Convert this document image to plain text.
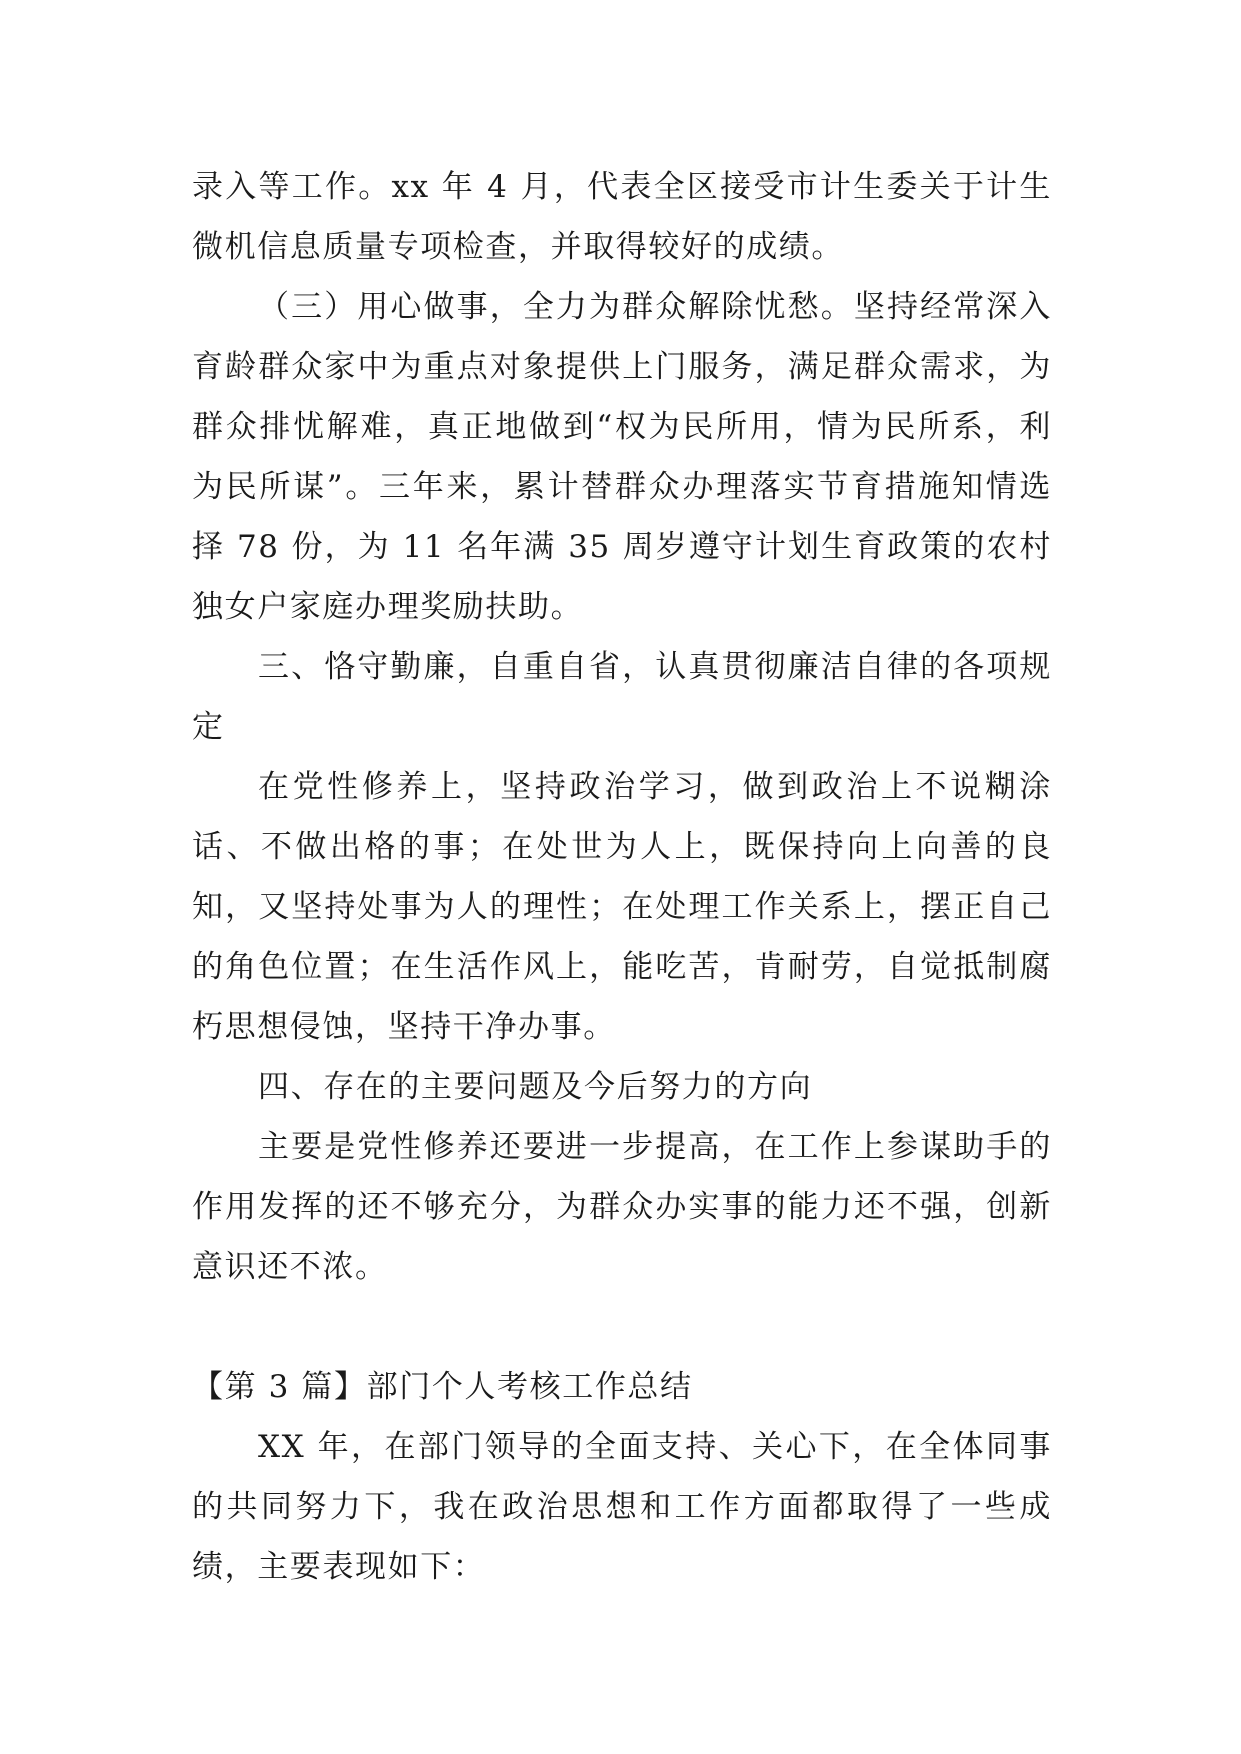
录入等工作。xx 年 4 月，代表全区接受市计生委关于计生微机信息质量专项检查，并取得较好的成绩。

（三）用心做事，全力为群众解除忧愁。坚持经常深入育龄群众家中为重点对象提供上门服务，满足群众需求，为群众排忧解难，真正地做到“权为民所用，情为民所系，利为民所谋”。三年来，累计替群众办理落实节育措施知情选择 78 份，为 11 名年满 35 周岁遵守计划生育政策的农村独女户家庭办理奖励扶助。

三、恪守勤廉，自重自省，认真贯彻廉洁自律的各项规定

在党性修养上，坚持政治学习，做到政治上不说糊涂话、不做出格的事；在处世为人上，既保持向上向善的良知，又坚持处事为人的理性；在处理工作关系上，摆正自己的角色位置；在生活作风上，能吃苦，肯耐劳，自觉抵制腐朽思想侵蚀，坚持干净办事。

四、存在的主要问题及今后努力的方向

主要是党性修养还要进一步提高，在工作上参谋助手的作用发挥的还不够充分，为群众办实事的能力还不强，创新意识还不浓。

【第 3 篇】部门个人考核工作总结

XX 年，在部门领导的全面支持、关心下，在全体同事的共同努力下，我在政治思想和工作方面都取得了一些成绩，主要表现如下：
